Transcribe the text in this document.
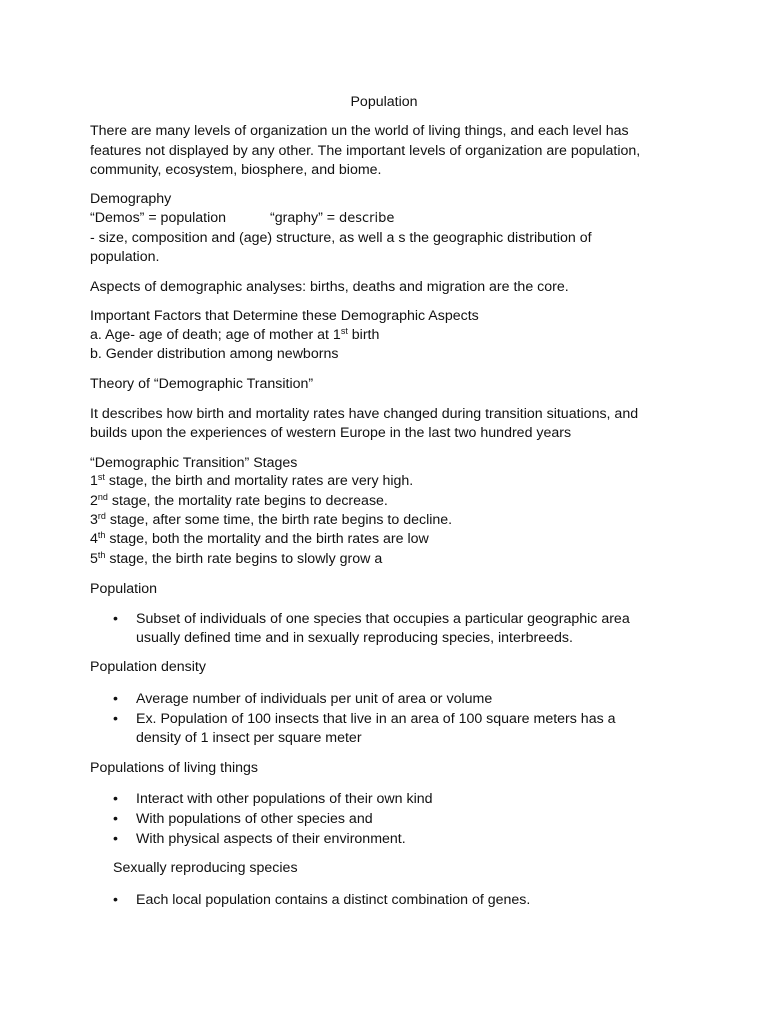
Population
There are many levels of organization un the world of living things, and each level has
features not displayed by any other. The important levels of organization are population,
community, ecosystem, biosphere, and biome.
Demography
“Demos” = population	“graphy” = describe
- size, composition and (age) structure, as well a s the geographic distribution of
population.
Aspects of demographic analyses: births, deaths and migration are the core.
Important Factors that Determine these Demographic Aspects
a. Age- age of death; age of mother at 1st birth
b. Gender distribution among newborns
Theory of “Demographic Transition”
It describes how birth and mortality rates have changed during transition situations, and
builds upon the experiences of western Europe in the last two hundred years
“Demographic Transition” Stages
1st stage, the birth and mortality rates are very high.
2nd stage, the mortality rate begins to decrease.
3rd stage, after some time, the birth rate begins to decline.
4th stage, both the mortality and the birth rates are low
5th stage, the birth rate begins to slowly grow a
Population
• Subset of individuals of one species that occupies a particular geographic area
usually defined time and in sexually reproducing species, interbreeds.
Population density
• Average number of individuals per unit of area or volume
• Ex. Population of 100 insects that live in an area of 100 square meters has a
density of 1 insect per square meter
Populations of living things
• Interact with other populations of their own kind
• With populations of other species and
• With physical aspects of their environment.
Sexually reproducing species
• Each local population contains a distinct combination of genes.
